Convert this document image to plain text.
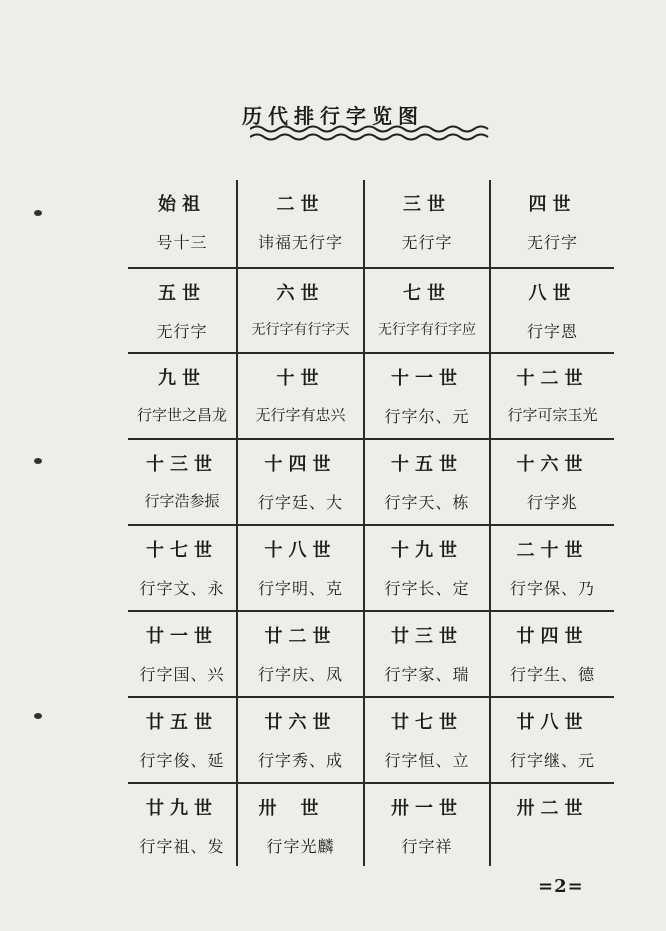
历代排行字览图
始祖
号十三
二世
讳福无行字
三世
无行字
四世
无行字
五世
无行字
六世
无行字有行字天
七世
无行字有行字应
八世
行字恩
九世
行字世之昌龙
十世
无行字有忠兴
十一世
行字尔、元
十二世
行字可宗玉光
十三世
行字浩参振
十四世
行字廷、大
十五世
行字天、栋
十六世
行字兆
十七世
行字文、永
十八世
行字明、克
十九世
行字长、定
二十世
行字保、乃
廿一世
行字国、兴
廿二世
行字庆、凤
廿三世
行字家、瑞
廿四世
行字生、德
廿五世
行字俊、延
廿六世
行字秀、成
廿七世
行字恒、立
廿八世
行字继、元
廿九世
行字祖、发
卅世
行字光麟
卅一世
行字祥
卅二世
=2=
